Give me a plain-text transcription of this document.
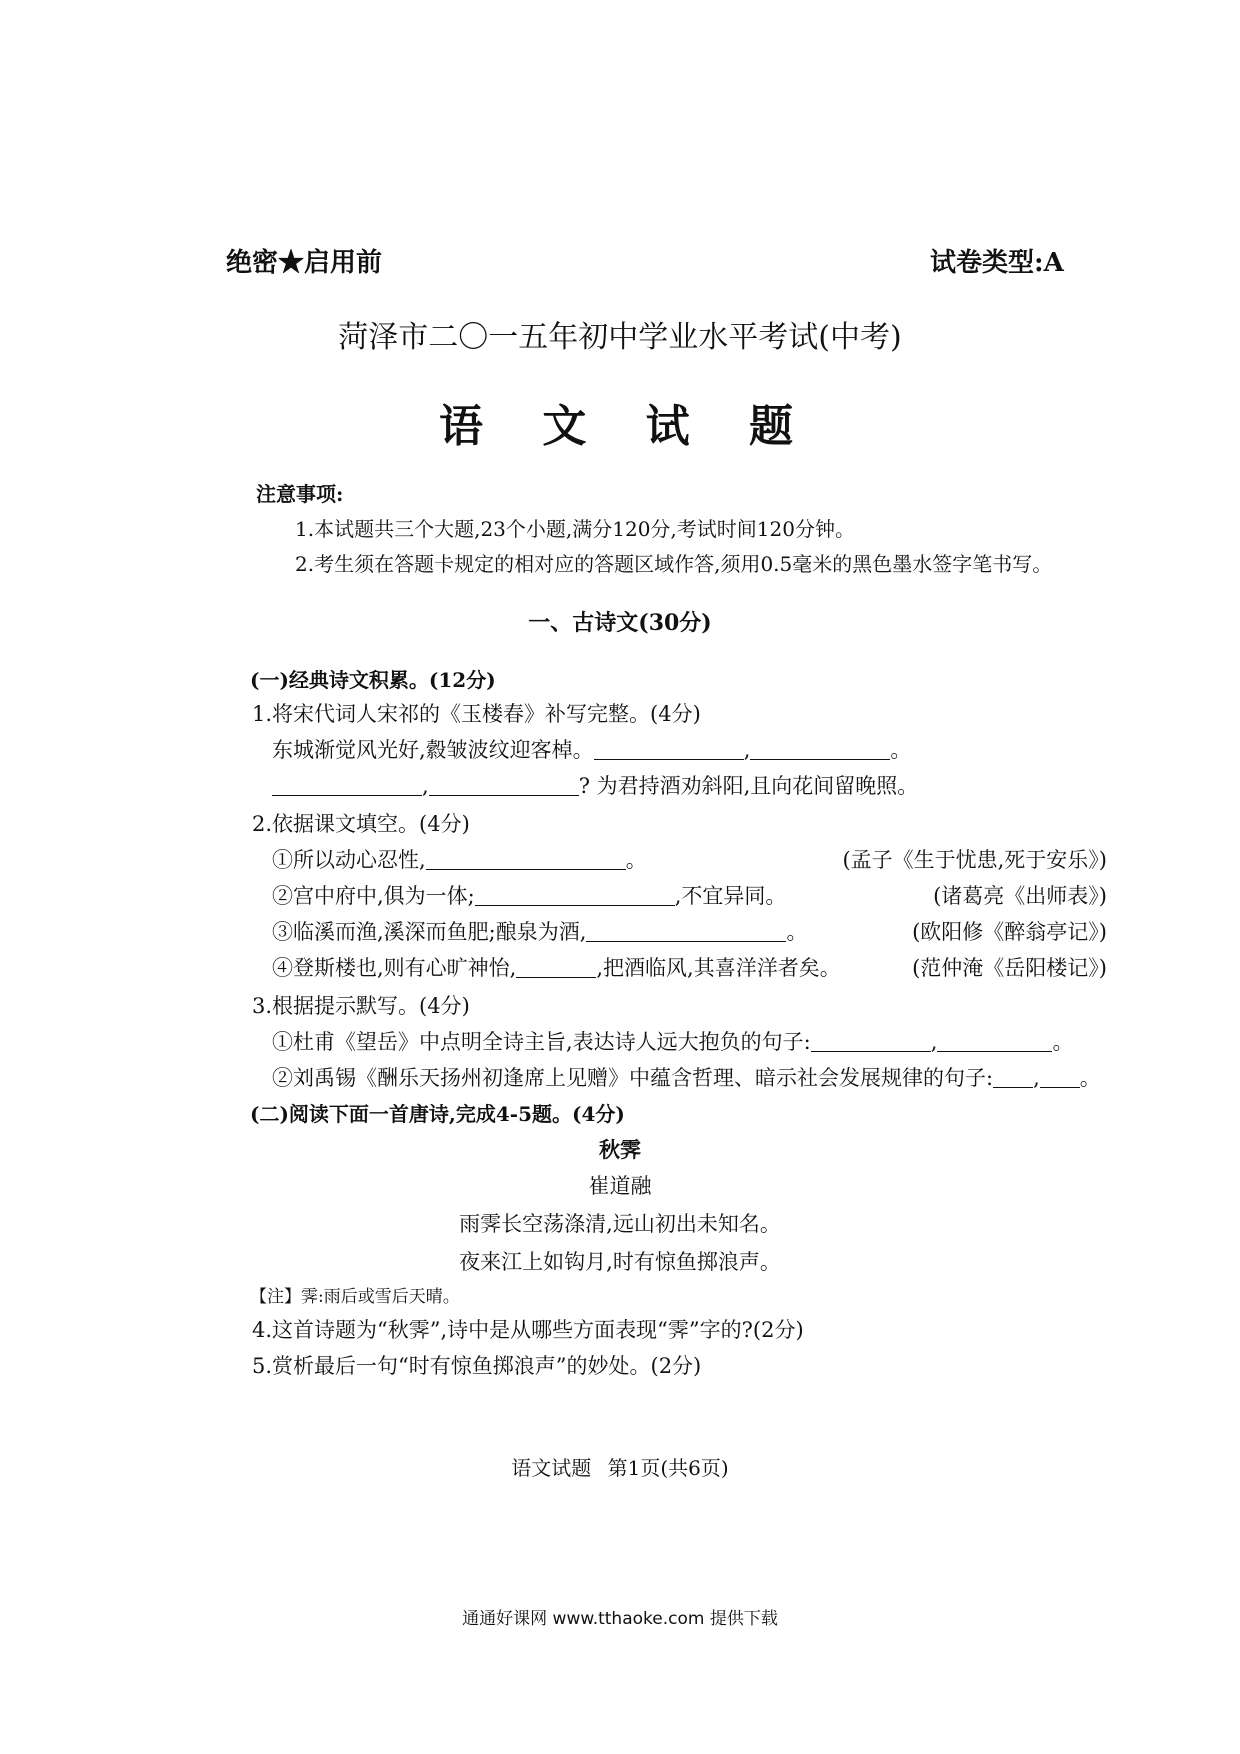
绝密★启用前	试卷类型:A
菏泽市二〇一五年初中学业水平考试(中考)
语 文 试 题
注意事项:
1.本试题共三个大题,23个小题,满分120分,考试时间120分钟。
2.考生须在答题卡规定的相对应的答题区域作答,须用0.5毫米的黑色墨水签字笔书写。
一、古诗文(30分)
(一)经典诗文积累。(12分)
1.将宋代词人宋祁的《玉楼春》补写完整。(4分)
东城渐觉风光好,縠皱波纹迎客棹。	,	。
,	? 为君持酒劝斜阳,且向花间留晚照。
2.依据课文填空。(4分)
①所以动心忍性,	。	(孟子《生于忧患,死于安乐》)
②宫中府中,俱为一体;	,不宜异同。	(诸葛亮《出师表》)
③临溪而渔,溪深而鱼肥;酿泉为酒,	。	(欧阳修《醉翁亭记》)
④登斯楼也,则有心旷神怡,	,把酒临风,其喜洋洋者矣。	(范仲淹《岳阳楼记》)
3.根据提示默写。(4分)
①杜甫《望岳》中点明全诗主旨,表达诗人远大抱负的句子:	,	。
②刘禹锡《酬乐天扬州初逢席上见赠》中蕴含哲理、暗示社会发展规律的句子: , 。
(二)阅读下面一首唐诗,完成4-5题。(4分)
秋霁
崔道融
雨霁长空荡涤清,远山初出未知名。
夜来江上如钩月,时有惊鱼掷浪声。
【注】霁:雨后或雪后天晴。
4.这首诗题为“秋霁”,诗中是从哪些方面表现“霁”字的?(2分)
5.赏析最后一句“时有惊鱼掷浪声”的妙处。(2分)
语文试题 第1页(共6页)
通通好课网 www.tthaoke.com 提供下载
